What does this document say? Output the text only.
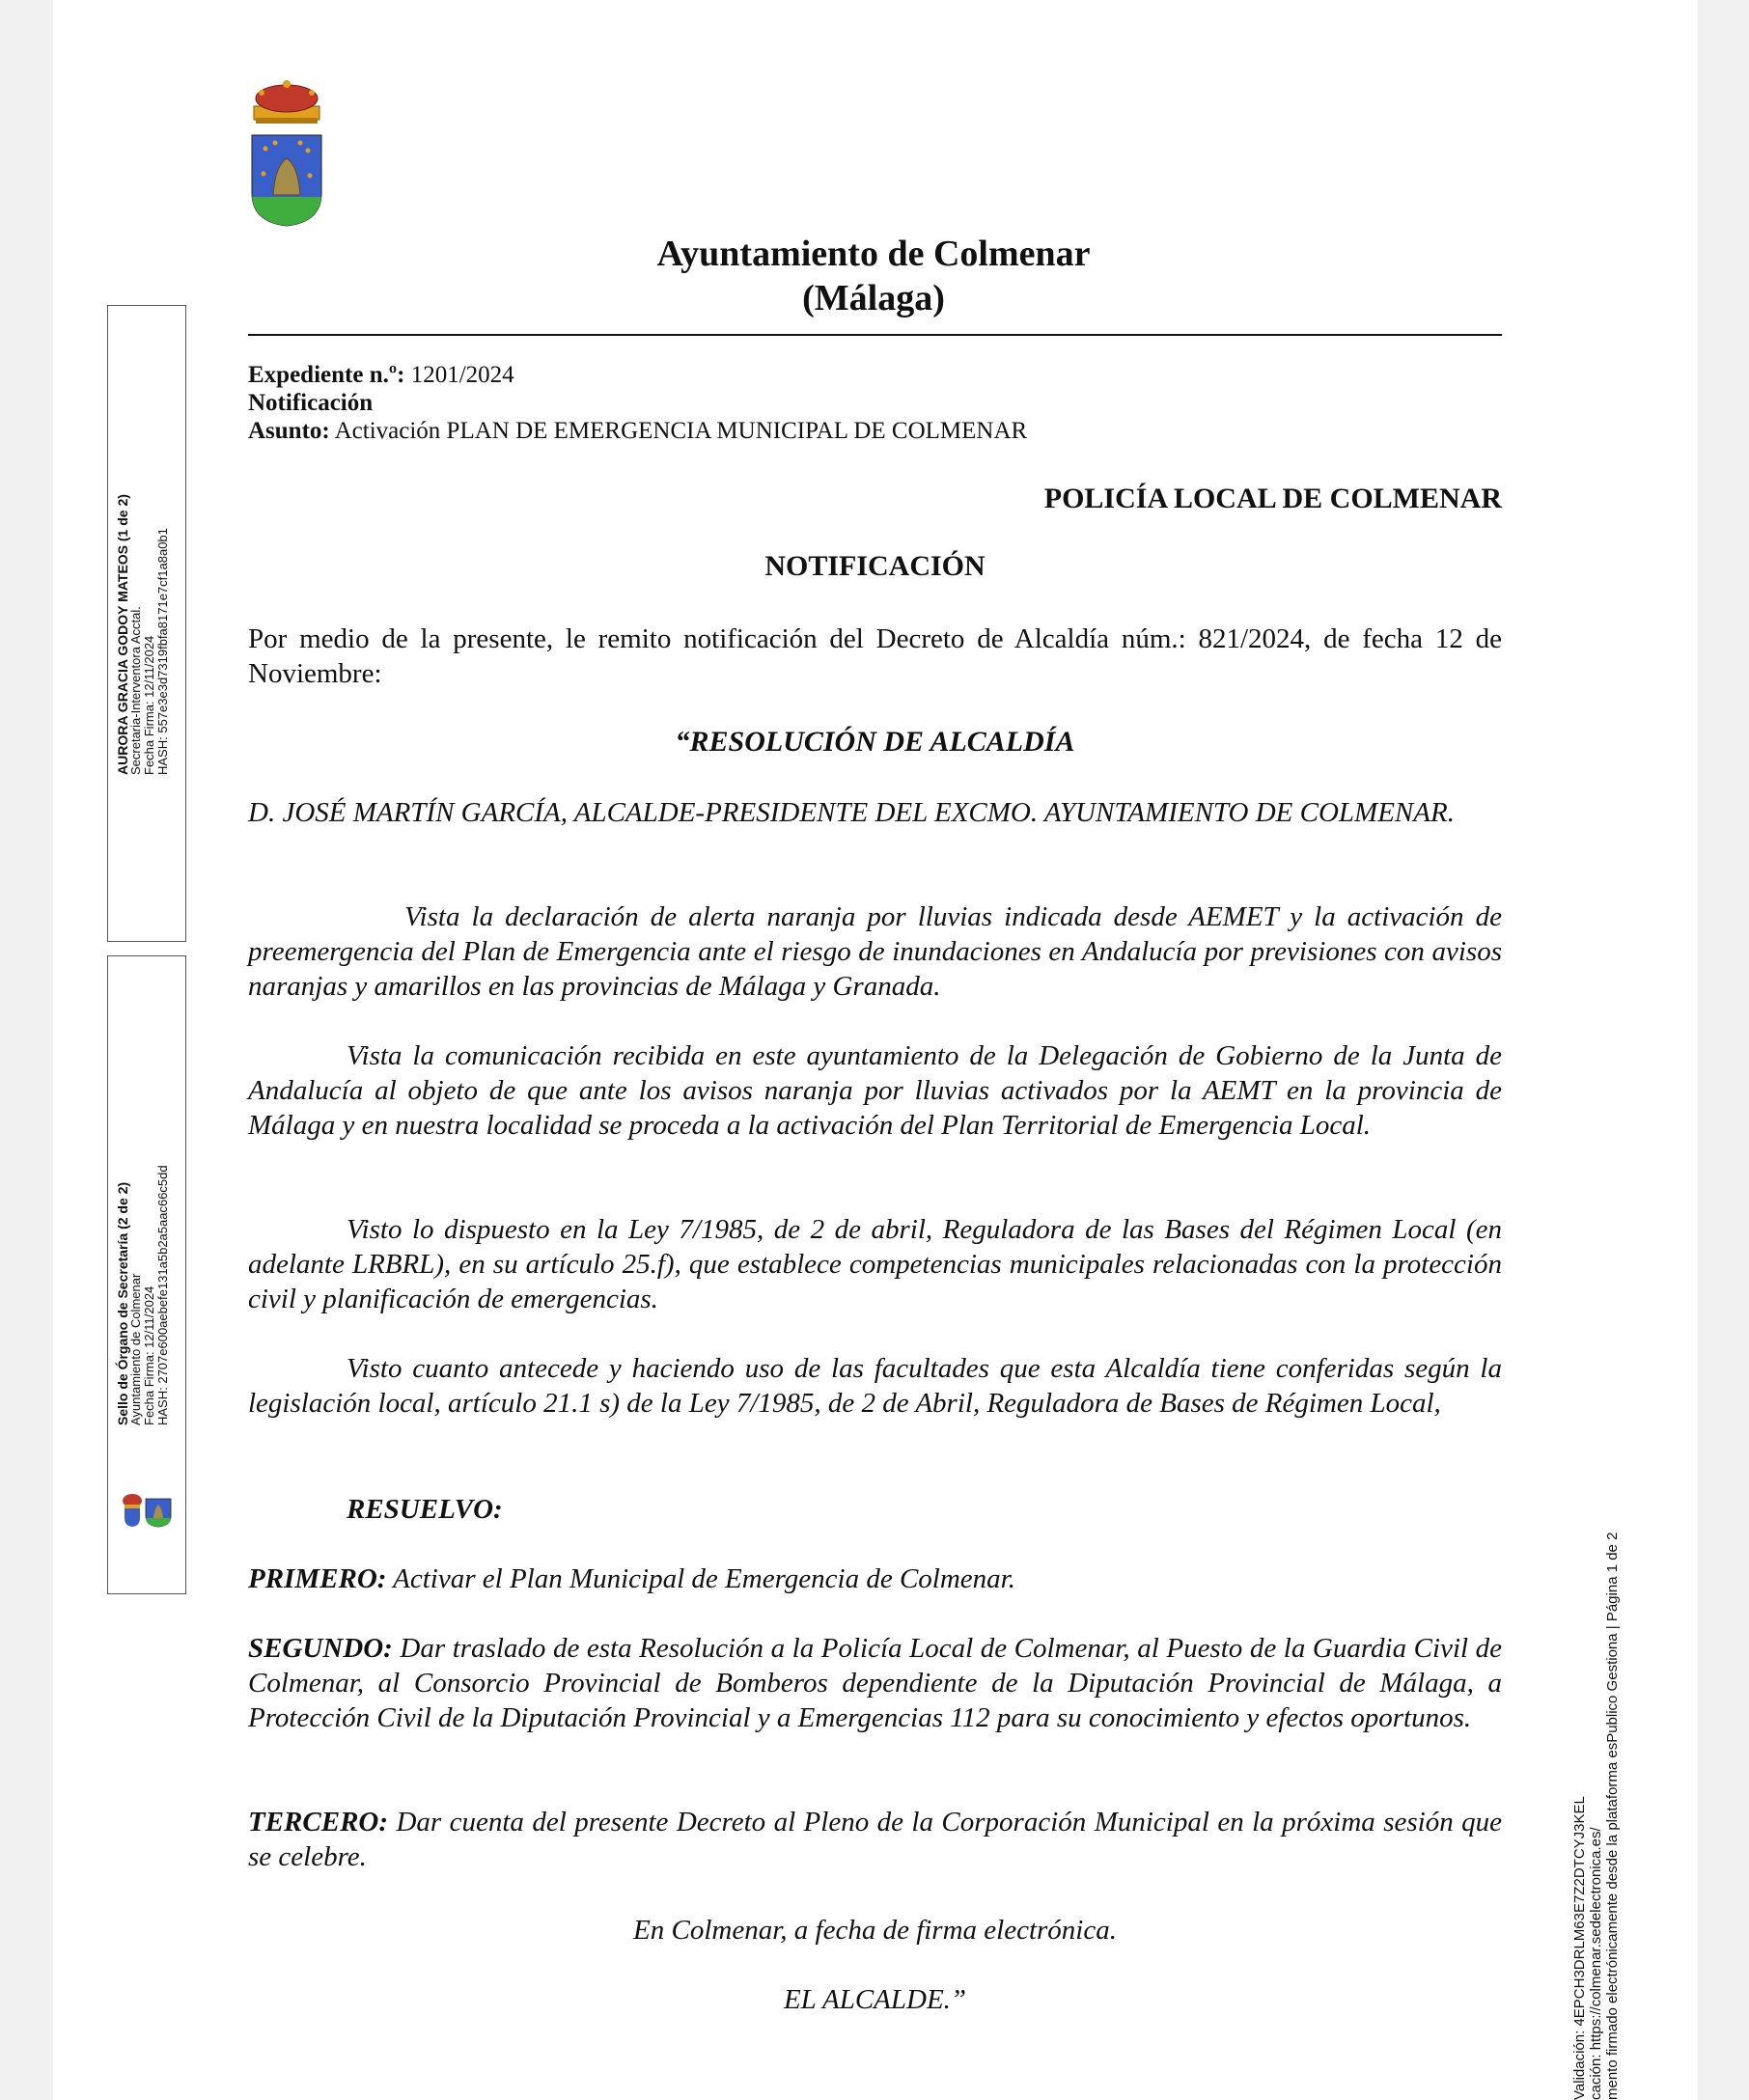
Ayuntamiento de Colmenar
(Málaga)
Expediente n.º: 1201/2024
Notificación
Asunto: Activación PLAN DE EMERGENCIA MUNICIPAL DE COLMENAR
POLICÍA LOCAL DE COLMENAR
NOTIFICACIÓN
Por medio de la presente, le remito notificación del Decreto de Alcaldía núm.: 821/2024, de fecha 12 de Noviembre:
“RESOLUCIÓN DE ALCALDÍA
D. JOSÉ MARTÍN GARCÍA, ALCALDE-PRESIDENTE DEL EXCMO. AYUNTAMIENTO DE COLMENAR.
Vista la declaración de alerta naranja por lluvias indicada desde AEMET y la activación de preemergencia del Plan de Emergencia ante el riesgo de inundaciones en Andalucía por previsiones con avisos naranjas y amarillos en las provincias de Málaga y Granada.
Vista la comunicación recibida en este ayuntamiento de la Delegación de Gobierno de la Junta de Andalucía al objeto de que ante los avisos naranja por lluvias activados por la AEMT en la provincia de Málaga y en nuestra localidad se proceda a la activación del Plan Territorial de Emergencia Local.
Visto lo dispuesto en la Ley 7/1985, de 2 de abril, Reguladora de las Bases del Régimen Local (en adelante LRBRL), en su artículo 25.f), que establece competencias municipales relacionadas con la protección civil y planificación de emergencias.
Visto cuanto antecede y haciendo uso de las facultades que esta Alcaldía tiene conferidas según la legislación local, artículo 21.1 s) de la Ley 7/1985, de 2 de Abril, Reguladora de Bases de Régimen Local,
RESUELVO:
PRIMERO: Activar el Plan Municipal de Emergencia de Colmenar.
SEGUNDO: Dar traslado de esta Resolución a la Policía Local de Colmenar, al Puesto de la Guardia Civil de Colmenar, al Consorcio Provincial de Bomberos dependiente de la Diputación Provincial de Málaga, a Protección Civil de la Diputación Provincial y a Emergencias 112 para su conocimiento y efectos oportunos.
TERCERO: Dar cuenta del presente Decreto al Pleno de la Corporación Municipal en la próxima sesión que se celebre.
En Colmenar, a fecha de firma electrónica.
EL ALCALDE.”
AURORA GRACIA GODOY MATEOS (1 de 2)
Secretaria-Interventora Acctal. Fecha Firma: 12/11/2024 HASH: 557e3e3d7319fbfa8171e7cf1a8a0b1
Sello de Órgano de Secretaría (2 de 2)
Ayuntamiento de Colmenar Fecha Firma: 12/11/2024 HASH: 2707e600aebefe131a5b2a5aac66c5dd
Validación: 4EPCH3DRLM63E7Z2DTCYJ3KEL cación: https://colmenar.sedelectronica.es/ mento firmado electrónicamente desde la plataforma esPublico Gestiona | Página 1 de 2
